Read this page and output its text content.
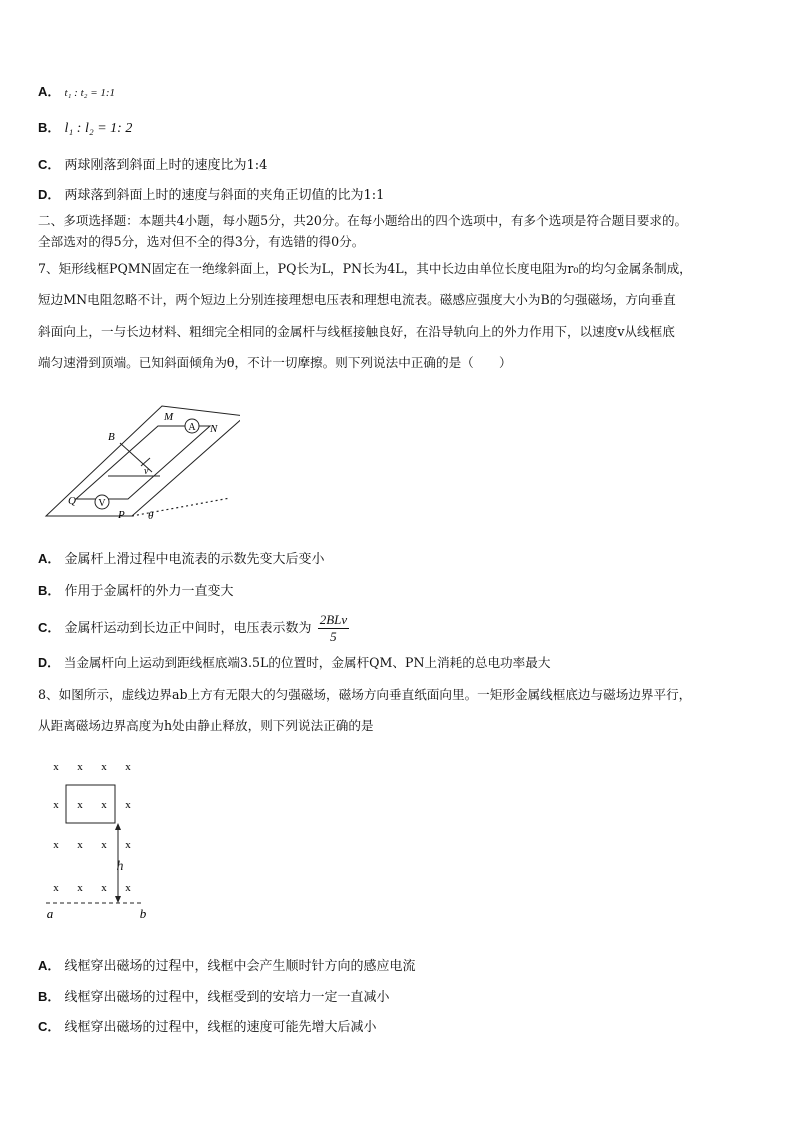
A． t₁ : t₂ = 1:1
B． l₁ : l₂ = 1: 2
C． 两球刚落到斜面上时的速度比为1:4
D． 两球落到斜面上时的速度与斜面的夹角正切值的比为1:1
二、多项选择题：本题共4小题，每小题5分，共20分。在每小题给出的四个选项中，有多个选项是符合题目要求的。
全部选对的得5分，选对但不全的得3分，有选错的得0分。
7、矩形线框PQMN固定在一绝缘斜面上，PQ长为L，PN长为4L，其中长边由单位长度电阻为r₀的均匀金属条制成，
短边MN电阻忽略不计，两个短边上分别连接理想电压表和理想电流表。磁感应强度大小为B的匀强磁场，方向垂直
斜面向上，一与长边材料、粗细完全相同的金属杆与线框接触良好，在沿导轨向上的外力作用下，以速度v从线框底
端匀速滑到顶端。已知斜面倾角为θ，不计一切摩擦。则下列说法中正确的是（　　）
A
V
M
N
B
v
Q
P θ
A． 金属杆上滑过程中电流表的示数先变大后变小
B． 作用于金属杆的外力一直变大
C． 金属杆运动到长边正中间时，电压表示数为 $\frac{\text{2BLv}}{5}$
D． 当金属杆向上运动到距线框底端3.5L的位置时，金属杆QM、PN上消耗的总电功率最大
8、如图所示，虚线边界ab上方有无限大的匀强磁场，磁场方向垂直纸面向里。一矩形金属线框底边与磁场边界平行，
从距离磁场边界高度为h处由静止释放，则下列说法正确的是
x x x x
x x x x
x x x x
x x x x
h
a	b
A． 线框穿出磁场的过程中，线框中会产生顺时针方向的感应电流
B． 线框穿出磁场的过程中，线框受到的安培力一定一直减小
C． 线框穿出磁场的过程中，线框的速度可能先增大后减小
